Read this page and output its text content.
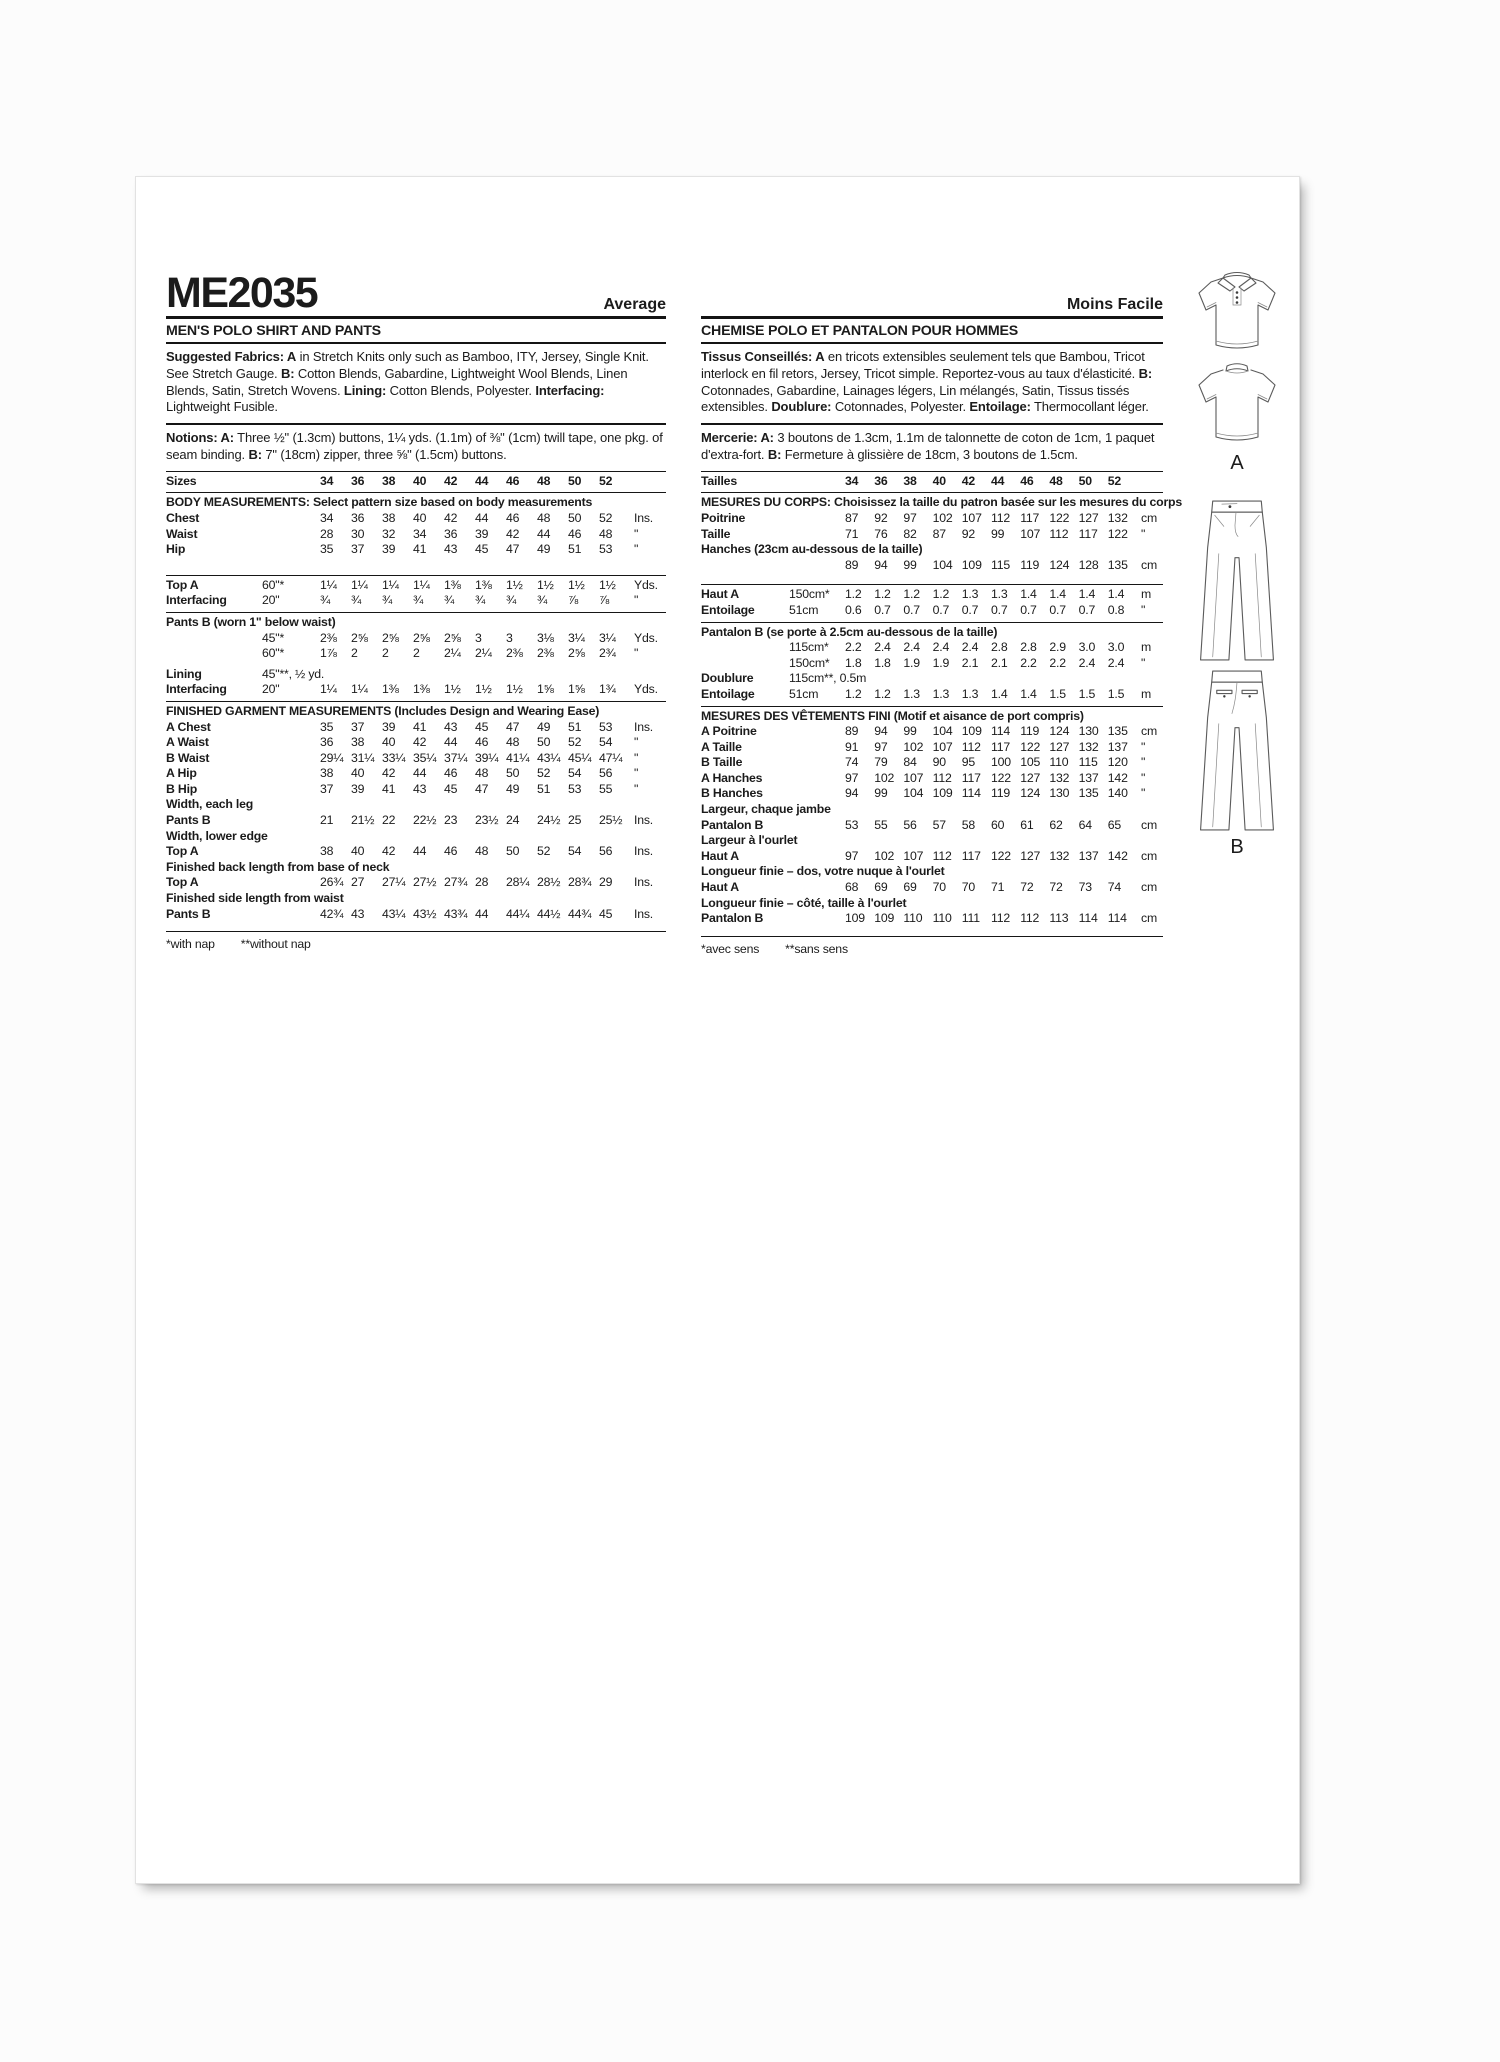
ME2035	Average
MEN'S POLO SHIRT AND PANTS
Suggested Fabrics: A in Stretch Knits only such as Bamboo, ITY, Jersey, Single Knit. See Stretch Gauge. B: Cotton Blends, Gabardine, Lightweight Wool Blends, Linen Blends, Satin, Stretch Wovens. Lining: Cotton Blends, Polyester. Interfacing: Lightweight Fusible.
Notions: A: Three ½" (1.3cm) buttons, 1¼ yds. (1.1m) of ⅜" (1cm) twill tape, one pkg. of seam binding. B: 7" (18cm) zipper, three ⅝" (1.5cm) buttons.
Sizes	34	36	38	40	42	44	46	48	50	52
BODY MEASUREMENTS: Select pattern size based on body measurements
Chest	34	36	38	40	42	44	46	48	50	52	Ins.
Waist	28	30	32	34	36	39	42	44	46	48	"
Hip	35	37	39	41	43	45	47	49	51	53	"
Top A	60"*	1¼	1¼	1¼	1¼	1⅜	1⅜	1½	1½	1½	1½	Yds.
Interfacing	20"	¾	¾	¾	¾	¾	¾	¾	¾	⅞	⅞	"
Pants B (worn 1" below waist)
45"*	2⅜	2⅝	2⅝	2⅝	2⅝	3	3	3⅛	3¼	3¼	Yds.
60"*	1⅞	2	2	2	2¼	2¼	2⅜	2⅜	2⅝	2¾	"
Lining	45"**, ½ yd.
Interfacing	20"	1¼	1¼	1⅜	1⅜	1½	1½	1½	1⅝	1⅝	1¾	Yds.
FINISHED GARMENT MEASUREMENTS (Includes Design and Wearing Ease)
A Chest	35	37	39	41	43	45	47	49	51	53	Ins.
A Waist	36	38	40	42	44	46	48	50	52	54	"
B Waist	29¼ 31¼ 33¼ 35¼ 37¼ 39¼ 41¼ 43¼ 45¼ 47¼ "
A Hip	38	40	42	44	46	48	50	52	54	56	"
B Hip	37	39	41	43	45	47	49	51	53	55	"
Width, each leg
Pants B	21	21½ 22	22½ 23	23½ 24	24½ 25	25½ Ins.
Width, lower edge
Top A	38	40	42	44	46	48	50	52	54	56	Ins.
Finished back length from base of neck
Top A	26¾ 27	27¼ 27½ 27¾ 28	28¼ 28½ 28¾ 29	Ins.
Finished side length from waist
Pants B	42¾ 43	43¼ 43½ 43¾ 44	44¼ 44½ 44¾ 45	Ins.
*with nap **without nap
Moins Facile
CHEMISE POLO ET PANTALON POUR HOMMES
Tissus Conseillés: A en tricots extensibles seulement tels que Bambou, Tricot interlock en fil retors, Jersey, Tricot simple. Reportez-vous au taux d'élasticité. B: Cotonnades, Gabardine, Lainages légers, Lin mélangés, Satin, Tissus tissés extensibles. Doublure: Cotonnades, Polyester. Entoilage: Thermocollant léger.
Mercerie: A: 3 boutons de 1.3cm, 1.1m de talonnette de coton de 1cm, 1 paquet d'extra-fort. B: Fermeture à glissière de 18cm, 3 boutons de 1.5cm.
Tailles	34	36	38	40	42	44	46	48	50	52
MESURES DU CORPS: Choisissez la taille du patron basée sur les mesures du corps
Poitrine	87	92	97	102 107 112 117 122 127 132	cm
Taille	71	76	82	87	92	99	107 112 117 122	"
Hanches (23cm au-dessous de la taille)
89	94	99	104 109 115 119 124 128 135	cm
Haut A	150cm*	1.2	1.2	1.2	1.2	1.3	1.3	1.4	1.4	1.4	1.4	m
Entoilage	51cm	0.6	0.7	0.7	0.7	0.7	0.7	0.7	0.7	0.7	0.8	"
Pantalon B (se porte à 2.5cm au-dessous de la taille)
115cm*	2.2	2.4	2.4	2.4	2.4	2.8	2.8	2.9	3.0	3.0	m
150cm*	1.8	1.8	1.9	1.9	2.1	2.1	2.2	2.2	2.4	2.4	"
Doublure	115cm**, 0.5m
Entoilage	51cm	1.2	1.2	1.3	1.3	1.3	1.4	1.4	1.5	1.5	1.5	m
MESURES DES VÊTEMENTS FINI (Motif et aisance de port compris)
A Poitrine	89	94	99	104 109 114 119 124 130 135	cm
A Taille	91	97	102 107 112 117 122 127 132 137	"
B Taille	74	79	84	90	95	100 105 110 115 120	"
A Hanches	97	102 107 112 117 122 127 132 137 142	"
B Hanches	94	99	104 109 114 119 124 130 135 140	"
Largeur, chaque jambe
Pantalon B	53	55	56	57	58	60	61	62	64	65	cm
Largeur à l'ourlet
Haut A	97	102 107 112 117 122 127 132 137 142	cm
Longueur finie – dos, votre nuque à l'ourlet
Haut A	68	69	69	70	70	71	72	72	73	74	cm
Longueur finie – côté, taille à l'ourlet
Pantalon B	109 109 110 110 111 112 112 113 114 114	cm
*avec sens **sans sens
A
B
